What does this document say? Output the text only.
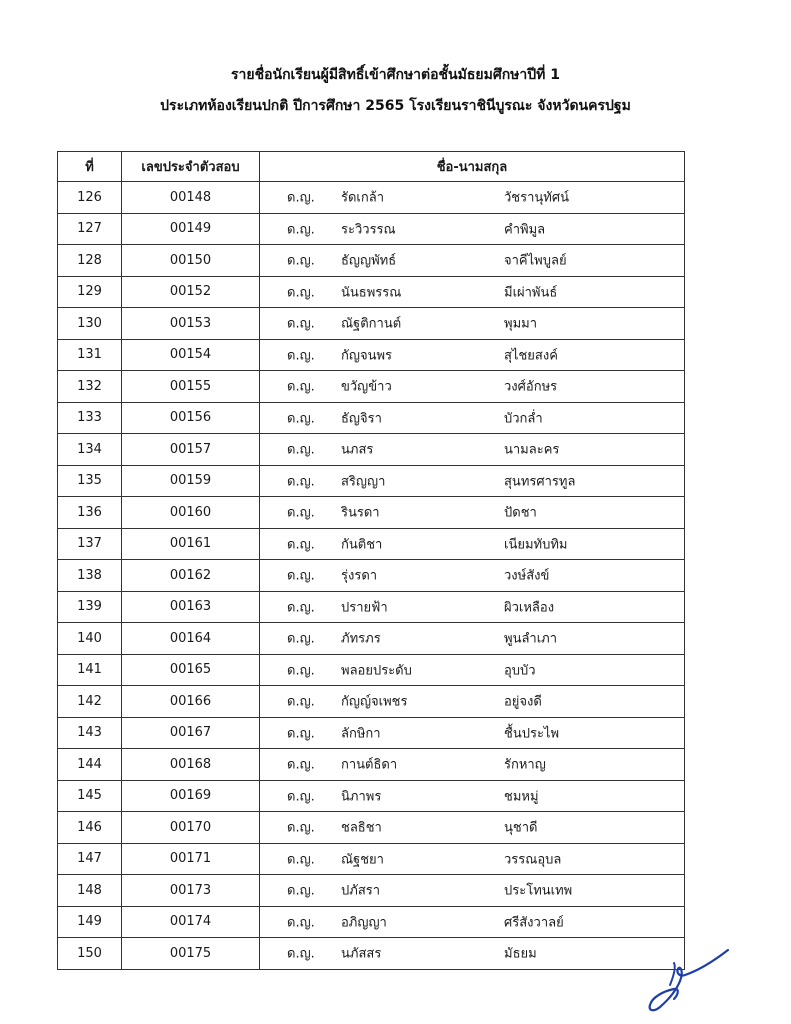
รายชื่อนักเรียนผู้มีสิทธิ์เข้าศึกษาต่อชั้นมัธยมศึกษาปีที่ 1
ประเภทห้องเรียนปกติ ปีการศึกษา 2565 โรงเรียนราชินีบูรณะ จังหวัดนครปฐม
ที่	เลขประจำตัวสอบ	ชื่อ-นามสกุล
126	00148	ด.ญ. รัดเกล้า วัชรานุทัศน์

127	00149	ด.ญ. ระวิวรรณ คำพิมูล

128	00150	ด.ญ. ธัญญพัทธ์ จาคีไพบูลย์

129	00152	ด.ญ. นันธพรรณ มีเผ่าพันธ์

130	00153	ด.ญ. ณัฐติกานต์ พุมมา

131	00154	ด.ญ. กัญจนพร สุไชยสงค์

132	00155	ด.ญ. ขวัญข้าว วงศ์อักษร

133	00156	ด.ญ. ธัญจิรา บัวกล่ำ

134	00157	ด.ญ. นภสร นามละคร

135	00159	ด.ญ. สริญญา สุนทรศารทูล

136	00160	ด.ญ. รินรดา ปัดชา

137	00161	ด.ญ. กันติชา เนียมทับทิม

138	00162	ด.ญ. รุ่งรดา วงษ์สังข์

139	00163	ด.ญ. ปรายฟ้า ผิวเหลือง

140	00164	ด.ญ. ภัทรภร พูนลำเภา

141	00165	ด.ญ. พลอยประดับ อุบบัว

142	00166	ด.ญ. กัญญ์จเพชร อยู่จงดี

143	00167	ด.ญ. ลักษิกา ชื้นประไพ

144	00168	ด.ญ. กานต์ธิดา รักหาญ

145	00169	ด.ญ. นิภาพร ชมหมู่

146	00170	ด.ญ. ชลธิชา นุชาดี

147	00171	ด.ญ. ณัฐชยา วรรณอุบล

148	00173	ด.ญ. ปภัสรา ประโทนเทพ

149	00174	ด.ญ. อภิญญา ศรีสังวาลย์

150	00175	ด.ญ. นภัสสร มัธยม
